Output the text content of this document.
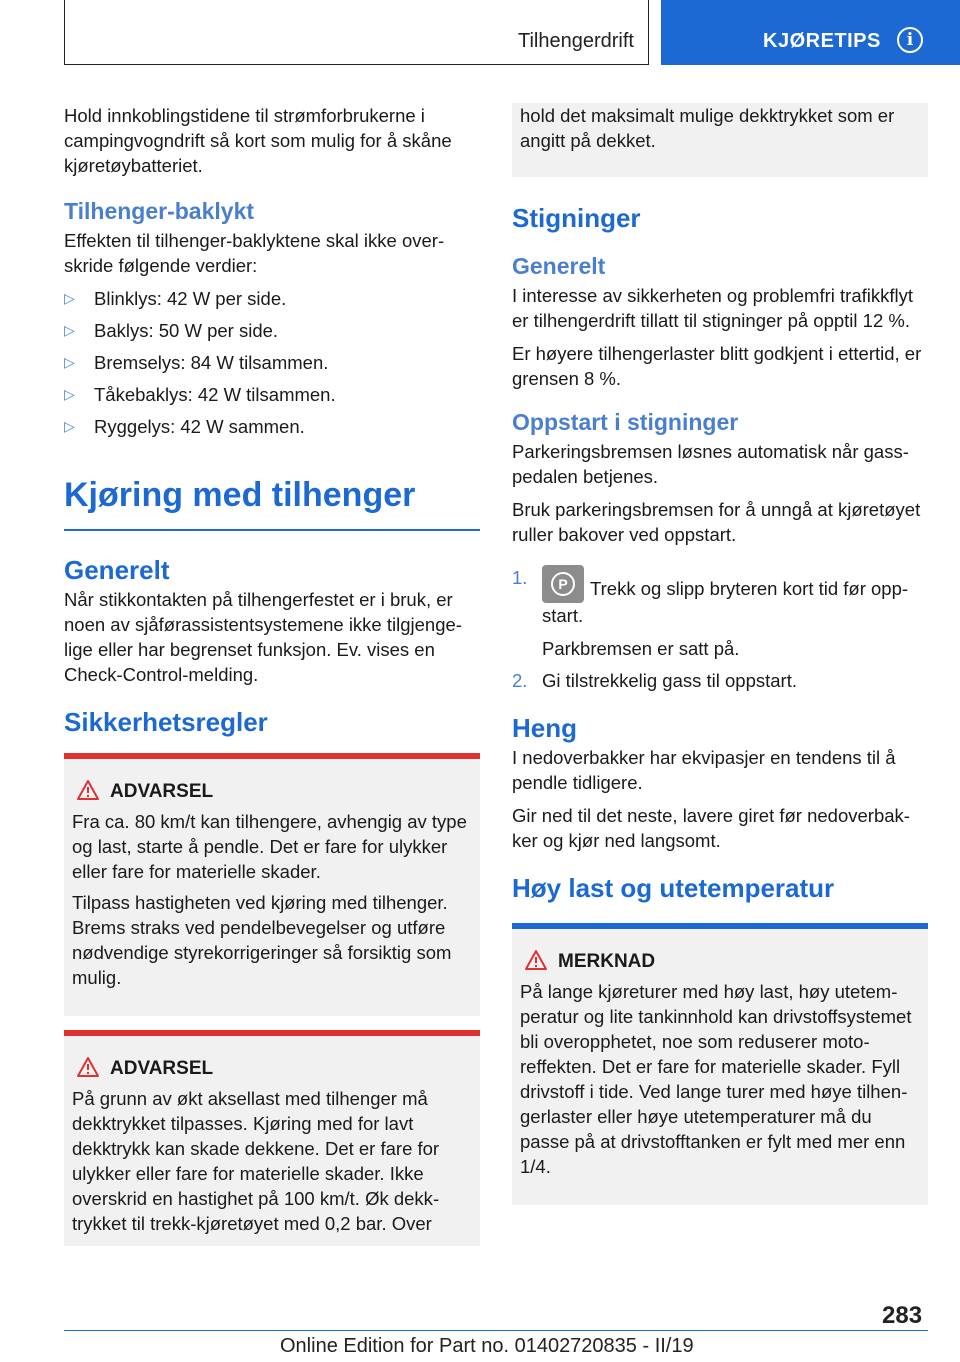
Tilhengerdrift	KJØRETIPS	i

Hold innkoblingstidene til strømforbrukerne i campingvogndrift så kort som mulig for å skåne kjøretøybatteriet.

Tilhenger-baklykt

Effekten til tilhenger-baklyktene skal ikke overskride følgende verdier:

▷ Blinklys: 42 W per side.
▷ Baklys: 50 W per side.
▷ Bremselys: 84 W tilsammen.
▷ Tåkebaklys: 42 W tilsammen.
▷ Ryggelys: 42 W sammen.
Kjøring med tilhenger
Generelt

Når stikkontakten på tilhengerfestet er i bruk, er noen av sjåførassistentsystemene ikke tilgjengelige eller har begrenset funksjon. Ev. vises en Check-Control-melding.

Sikkerhetsregler
ADVARSEL

Fra ca. 80 km/t kan tilhengere, avhengig av type og last, starte å pendle. Det er fare for ulykker eller fare for materielle skader.

Tilpass hastigheten ved kjøring med tilhenger. Brems straks ved pendelbevegelser og utføre nødvendige styrekorrigeringer så forsiktig som mulig.

ADVARSEL

På grunn av økt aksellast med tilhenger må dekktrykket tilpasses. Kjøring med for lavt dekktrykk kan skade dekkene. Det er fare for ulykker eller fare for materielle skader. Ikke overskrid en hastighet på 100 km/t. Øk dekktrykket til trekk-kjøretøyet med 0,2 bar. Over

hold det maksimalt mulige dekktrykket som er angitt på dekket.

Stigninger
Generelt

I interesse av sikkerheten og problemfri trafikkflyt er tilhengerdrift tillatt til stigninger på opptil 12 %.

Er høyere tilhengerlaster blitt godkjent i ettertid, er grensen 8 %.

Oppstart i stigninger

Parkeringsbremsen løsnes automatisk når gasspedalen betjenes.

Bruk parkeringsbremsen for å unngå at kjøretøyet ruller bakover ved oppstart.

1.	P	Trekk og slipp bryteren kort tid før oppstart.
Parkbremsen er satt på.
2. Gi tilstrekkelig gass til oppstart.
Heng

I nedoverbakker har ekvipasjer en tendens til å pendle tidligere.

Gir ned til det neste, lavere giret før nedoverbakker og kjør ned langsomt.

Høy last og utetemperatur
MERKNAD

På lange kjøreturer med høy last, høy utetemperatur og lite tankinnhold kan drivstoffsystemet bli overopphetet, noe som reduserer motoreffekten. Det er fare for materielle skader. Fyll drivstoff i tide. Ved lange turer med høye tilhengerlaster eller høye utetemperaturer må du passe på at drivstofftanken er fylt med mer enn 1/4.

283
Online Edition for Part no. 01402720835 - II/19
